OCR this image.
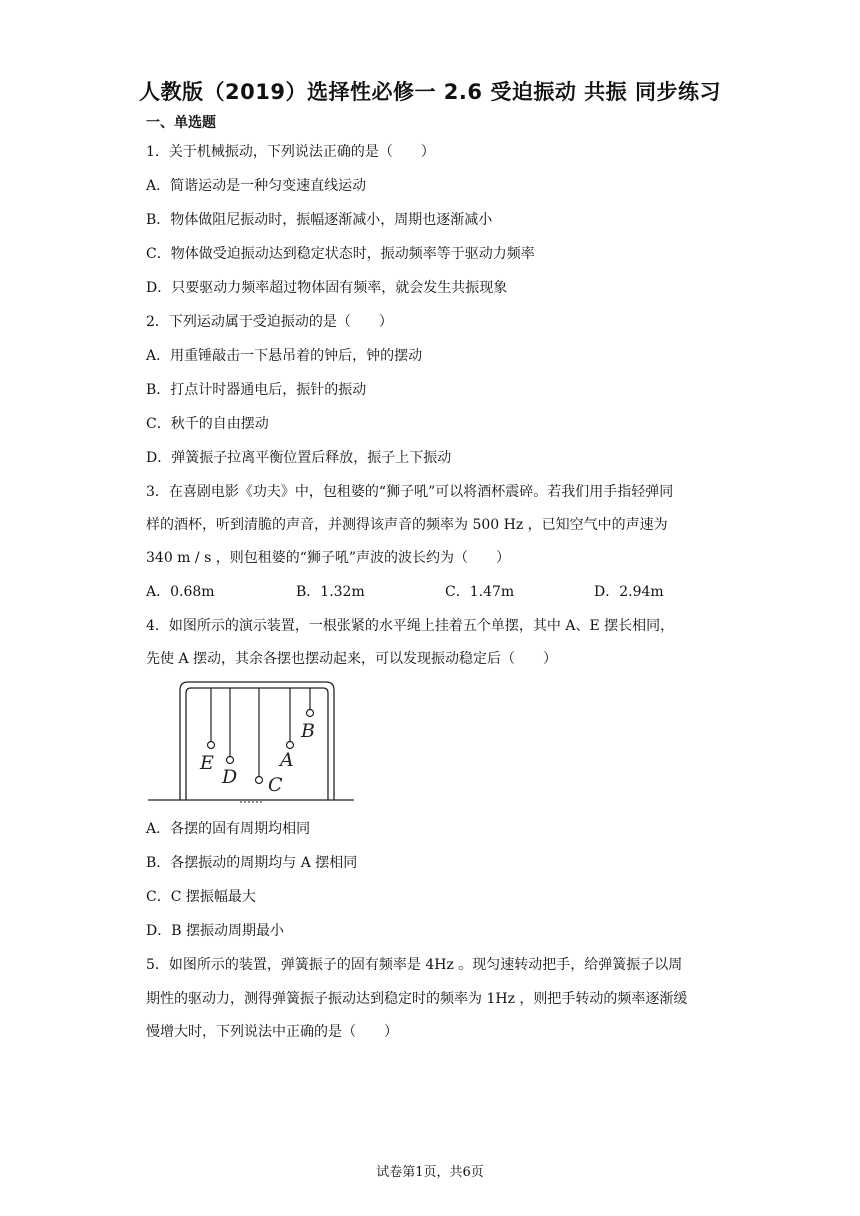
人教版（2019）选择性必修一 2.6 受迫振动 共振 同步练习
一、单选题
1．关于机械振动，下列说法正确的是（　　）
A．简谐运动是一种匀变速直线运动
B．物体做阻尼振动时，振幅逐渐减小，周期也逐渐减小
C．物体做受迫振动达到稳定状态时，振动频率等于驱动力频率
D．只要驱动力频率超过物体固有频率，就会发生共振现象
2．下列运动属于受迫振动的是（　　）
A．用重锤敲击一下悬吊着的钟后，钟的摆动
B．打点计时器通电后，振针的振动
C．秋千的自由摆动
D．弹簧振子拉离平衡位置后释放，振子上下振动
3．在喜剧电影《功夫》中，包租婆的“狮子吼”可以将酒杯震碎。若我们用手指轻弹同
样的酒杯，听到清脆的声音，并测得该声音的频率为 500 Hz ，已知空气中的声速为
340 m / s ，则包租婆的“狮子吼”声波的波长约为（　　）
A．0.68m	B．1.32m	C．1.47m	D．2.94m
4．如图所示的演示装置，一根张紧的水平绳上挂着五个单摆，其中 A、E 摆长相同，
先使 A 摆动，其余各摆也摆动起来，可以发现振动稳定后（　　）
E
D C
A
B
A．各摆的固有周期均相同
B．各摆振动的周期均与 A 摆相同
C．C 摆振幅最大
D．B 摆振动周期最小
5．如图所示的装置，弹簧振子的固有频率是 4Hz 。现匀速转动把手，给弹簧振子以周
期性的驱动力，测得弹簧振子振动达到稳定时的频率为 1Hz ，则把手转动的频率逐渐缓
慢增大时，下列说法中正确的是（　　）
试卷第1页，共6页
